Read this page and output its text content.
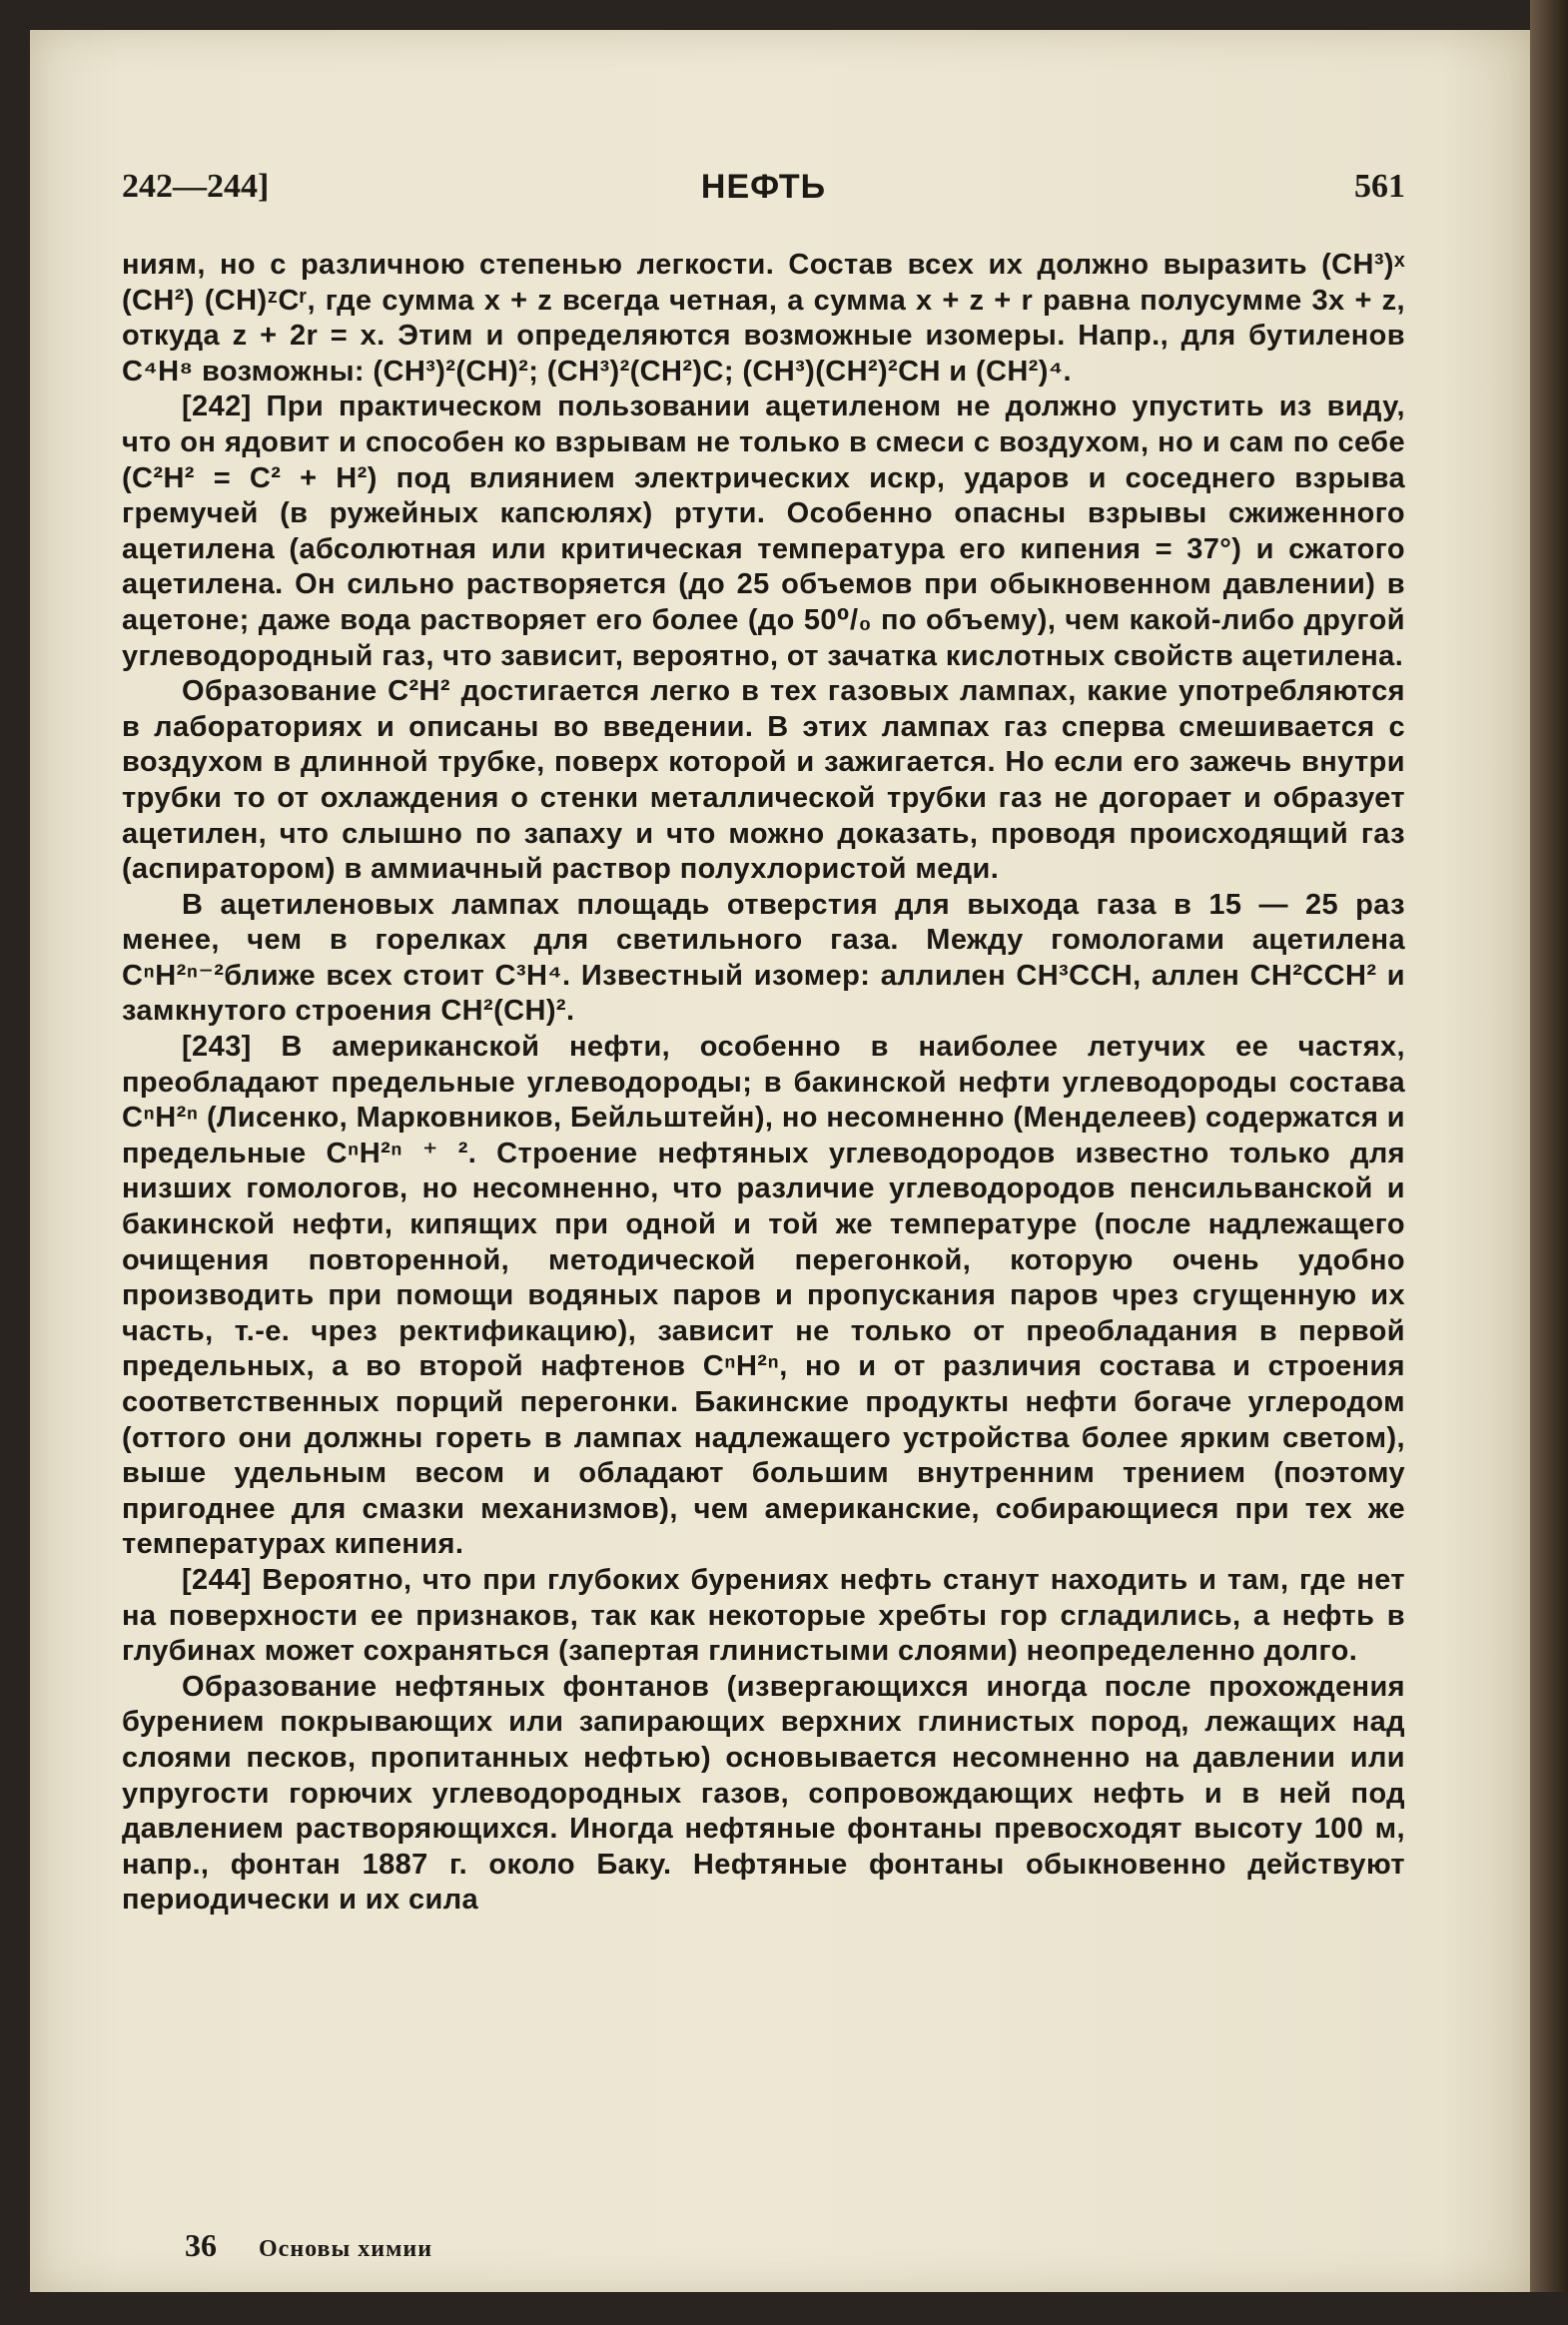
242—244]	НЕФТЬ	561

ниям, но с различною степенью легкости. Состав всех их должно выразить (CH³)ˣ (CH²) (CH)ᶻCʳ, где сумма x + z всегда четная, а сумма x + z + r равна полусумме 3x + z, откуда z + 2r = x. Этим и определяются возможные изомеры. Напр., для бутиленов C⁴H⁸ возможны: (CH³)²(CH)²; (CH³)²(CH²)C; (CH³)(CH²)²CH и (CH²)⁴.

[242] При практическом пользовании ацетиленом не должно упустить из виду, что он ядовит и способен ко взрывам не только в смеси с воздухом, но и сам по себе (C²H² = C² + H²) под влиянием электрических искр, ударов и соседнего взрыва гремучей (в ружейных капсюлях) ртути. Особенно опасны взрывы сжиженного ацетилена (абсолютная или критическая температура его кипения = 37°) и сжатого ацетилена. Он сильно растворяется (до 25 объемов при обыкновенном давлении) в ацетоне; даже вода растворяет его более (до 50⁰/₀ по объему), чем какой-либо другой углеводородный газ, что зависит, вероятно, от зачатка кислотных свойств ацетилена.

Образование C²H² достигается легко в тех газовых лампах, какие употребляются в лабораториях и описаны во введении. В этих лампах газ сперва смешивается с воздухом в длинной трубке, поверх которой и зажигается. Но если его зажечь внутри трубки то от охлаждения о стенки металлической трубки газ не догорает и образует ацетилен, что слышно по запаху и что можно доказать, проводя происходящий газ (аспиратором) в аммиачный раствор полухлористой меди.

В ацетиленовых лампах площадь отверстия для выхода газа в 15 — 25 раз менее, чем в горелках для светильного газа. Между гомологами ацетилена CⁿH²ⁿ⁻²ближе всех стоит C³H⁴. Известный изомер: аллилен CH³CCH, аллен CH²CCH² и замкнутого строения CH²(CH)².

[243] В американской нефти, особенно в наиболее летучих ее частях, преобладают предельные углеводороды; в бакинской нефти углеводороды состава CⁿH²ⁿ (Лисенко, Марковников, Бейльштейн), но несомненно (Менделеев) содержатся и предельные CⁿH²ⁿ ⁺ ². Строение нефтяных углеводородов известно только для низших гомологов, но несомненно, что различие углеводородов пенсильванской и бакинской нефти, кипящих при одной и той же температуре (после надлежащего очищения повторенной, методической перегонкой, которую очень удобно производить при помощи водяных паров и пропускания паров чрез сгущенную их часть, т.-е. чрез ректификацию), зависит не только от преобладания в первой предельных, а во второй нафтенов CⁿH²ⁿ, но и от различия состава и строения соответственных порций перегонки. Бакинские продукты нефти богаче углеродом (оттого они должны гореть в лампах надлежащего устройства более ярким светом), выше удельным весом и обладают большим внутренним трением (поэтому пригоднее для смазки механизмов), чем американские, собирающиеся при тех же температурах кипения.

[244] Вероятно, что при глубоких бурениях нефть станут находить и там, где нет на поверхности ее признаков, так как некоторые хребты гор сгладились, а нефть в глубинах может сохраняться (запертая глинистыми слоями) неопределенно долго.

Образование нефтяных фонтанов (извергающихся иногда после прохождения бурением покрывающих или запирающих верхних глинистых пород, лежащих над слоями песков, пропитанных нефтью) основывается несомненно на давлении или упругости горючих углеводородных газов, сопровождающих нефть и в ней под давлением растворяющихся. Иногда нефтяные фонтаны превосходят высоту 100 м, напр., фонтан 1887 г. около Баку. Нефтяные фонтаны обыкновенно действуют периодически и их сила

36 Основы химии
✱
